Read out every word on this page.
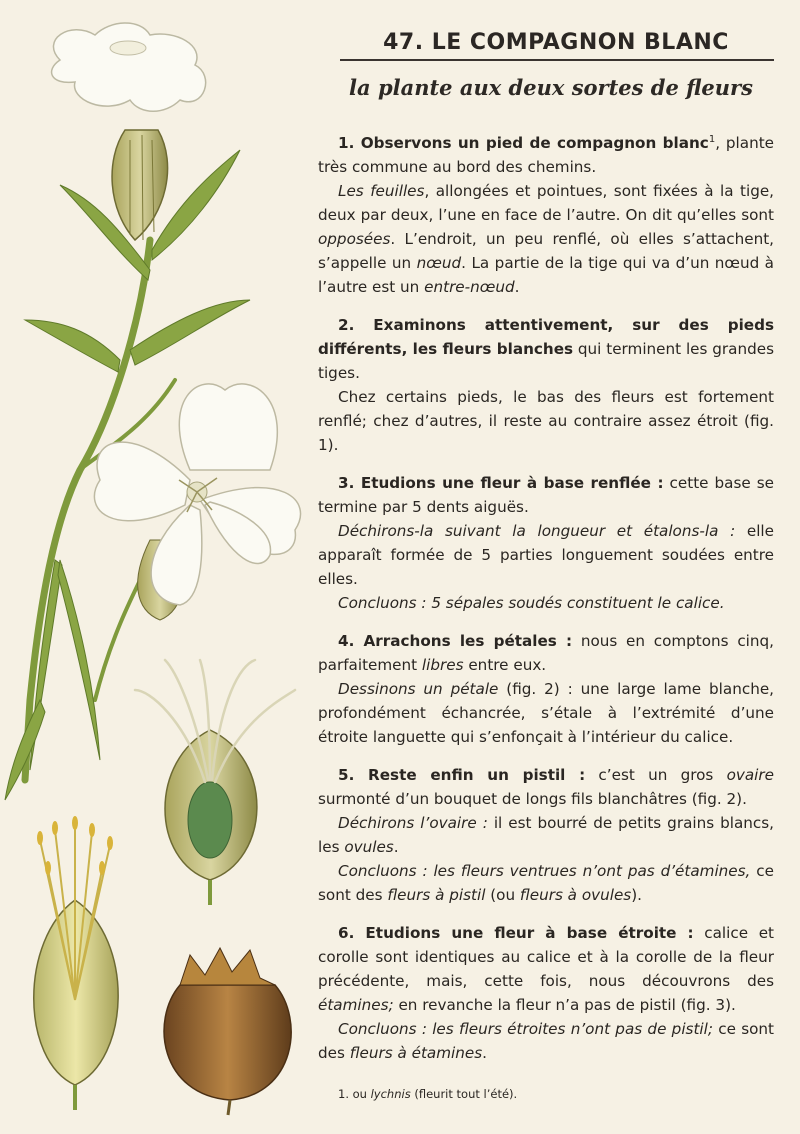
47. LE COMPAGNON BLANC
la plante aux deux sortes de fleurs

1. Observons un pied de compagnon blanc$^1$, plante très commune au bord des chemins.

Les feuilles, allongées et pointues, sont fixées à la tige, deux par deux, l’une en face de l’autre. On dit qu’elles sont opposées. L’endroit, un peu renflé, où elles s’attachent, s’appelle un nœud. La partie de la tige qui va d’un nœud à l’autre est un entre-nœud.

2. Examinons attentivement, sur des pieds différents, les fleurs blanches qui terminent les grandes tiges.

Chez certains pieds, le bas des fleurs est fortement renflé; chez d’autres, il reste au contraire assez étroit (fig. 1).

3. Etudions une fleur à base renflée : cette base se termine par 5 dents aiguës.

Déchirons-la suivant la longueur et étalons-la : elle apparaît formée de 5 parties longuement soudées entre elles.

Concluons : 5 sépales soudés constituent le calice.

4. Arrachons les pétales : nous en comptons cinq, parfaitement libres entre eux.

Dessinons un pétale (fig. 2) : une large lame blanche, profondément échancrée, s’étale à l’extrémité d’une étroite languette qui s’enfonçait à l’intérieur du calice.

5. Reste enfin un pistil : c’est un gros ovaire surmonté d’un bouquet de longs fils blanchâtres (fig. 2).

Déchirons l’ovaire : il est bourré de petits grains blancs, les ovules.

Concluons : les fleurs ventrues n’ont pas d’étamines, ce sont des fleurs à pistil (ou fleurs à ovules).

6. Etudions une fleur à base étroite : calice et corolle sont identiques au calice et à la corolle de la fleur précédente, mais, cette fois, nous découvrons des étamines; en revanche la fleur n’a pas de pistil (fig. 3).

Concluons : les fleurs étroites n’ont pas de pistil; ce sont des fleurs à étamines.

1. ou lychnis (fleurit tout l’été).
